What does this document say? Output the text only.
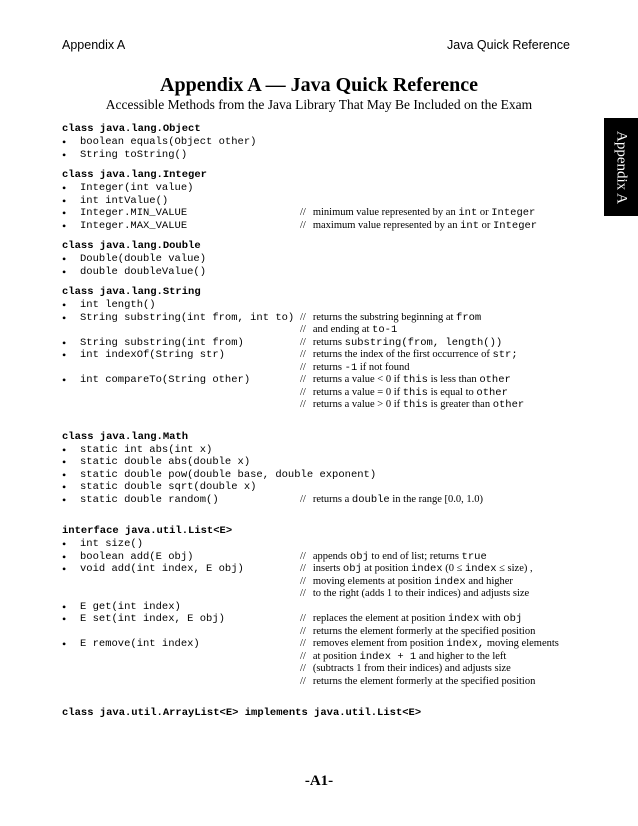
Appendix A	Java Quick Reference
Appendix A
Appendix A — Java Quick Reference
Accessible Methods from the Java Library That May Be Included on the Exam
class java.lang.Object
• boolean equals(Object other)
• String toString()
class java.lang.Integer
• Integer(int value)
• int intValue()
• Integer.MIN_VALUE	// minimum value represented by an int or Integer
• Integer.MAX_VALUE	// maximum value represented by an int or Integer
class java.lang.Double
• Double(double value)
• double doubleValue()
class java.lang.String
• int length()
• String substring(int from, int to) // returns the substring beginning at from
// and ending at to-1
• String substring(int from)	// returns substring(from, length())
• int indexOf(String str)	// returns the index of the first occurrence of str;
// returns -1 if not found
• int compareTo(String other)	// returns a value < 0 if this is less than other
// returns a value = 0 if this is equal to other
// returns a value > 0 if this is greater than other
class java.lang.Math
• static int abs(int x)
• static double abs(double x)
• static double pow(double base, double exponent)
• static double sqrt(double x)
• static double random()	// returns a double in the range [0.0, 1.0)
interface java.util.List<E>
• int size()
• boolean add(E obj)	// appends obj to end of list; returns true
• void add(int index, E obj)	// inserts obj at position index (0 ≤ index ≤ size) ,
// moving elements at position index and higher
// to the right (adds 1 to their indices) and adjusts size
• E get(int index)
• E set(int index, E obj)	// replaces the element at position index with obj
// returns the element formerly at the specified position
• E remove(int index)	// removes element from position index, moving elements
// at position index + 1 and higher to the left
// (subtracts 1 from their indices) and adjusts size
// returns the element formerly at the specified position
class java.util.ArrayList<E> implements java.util.List<E>
-A1-
